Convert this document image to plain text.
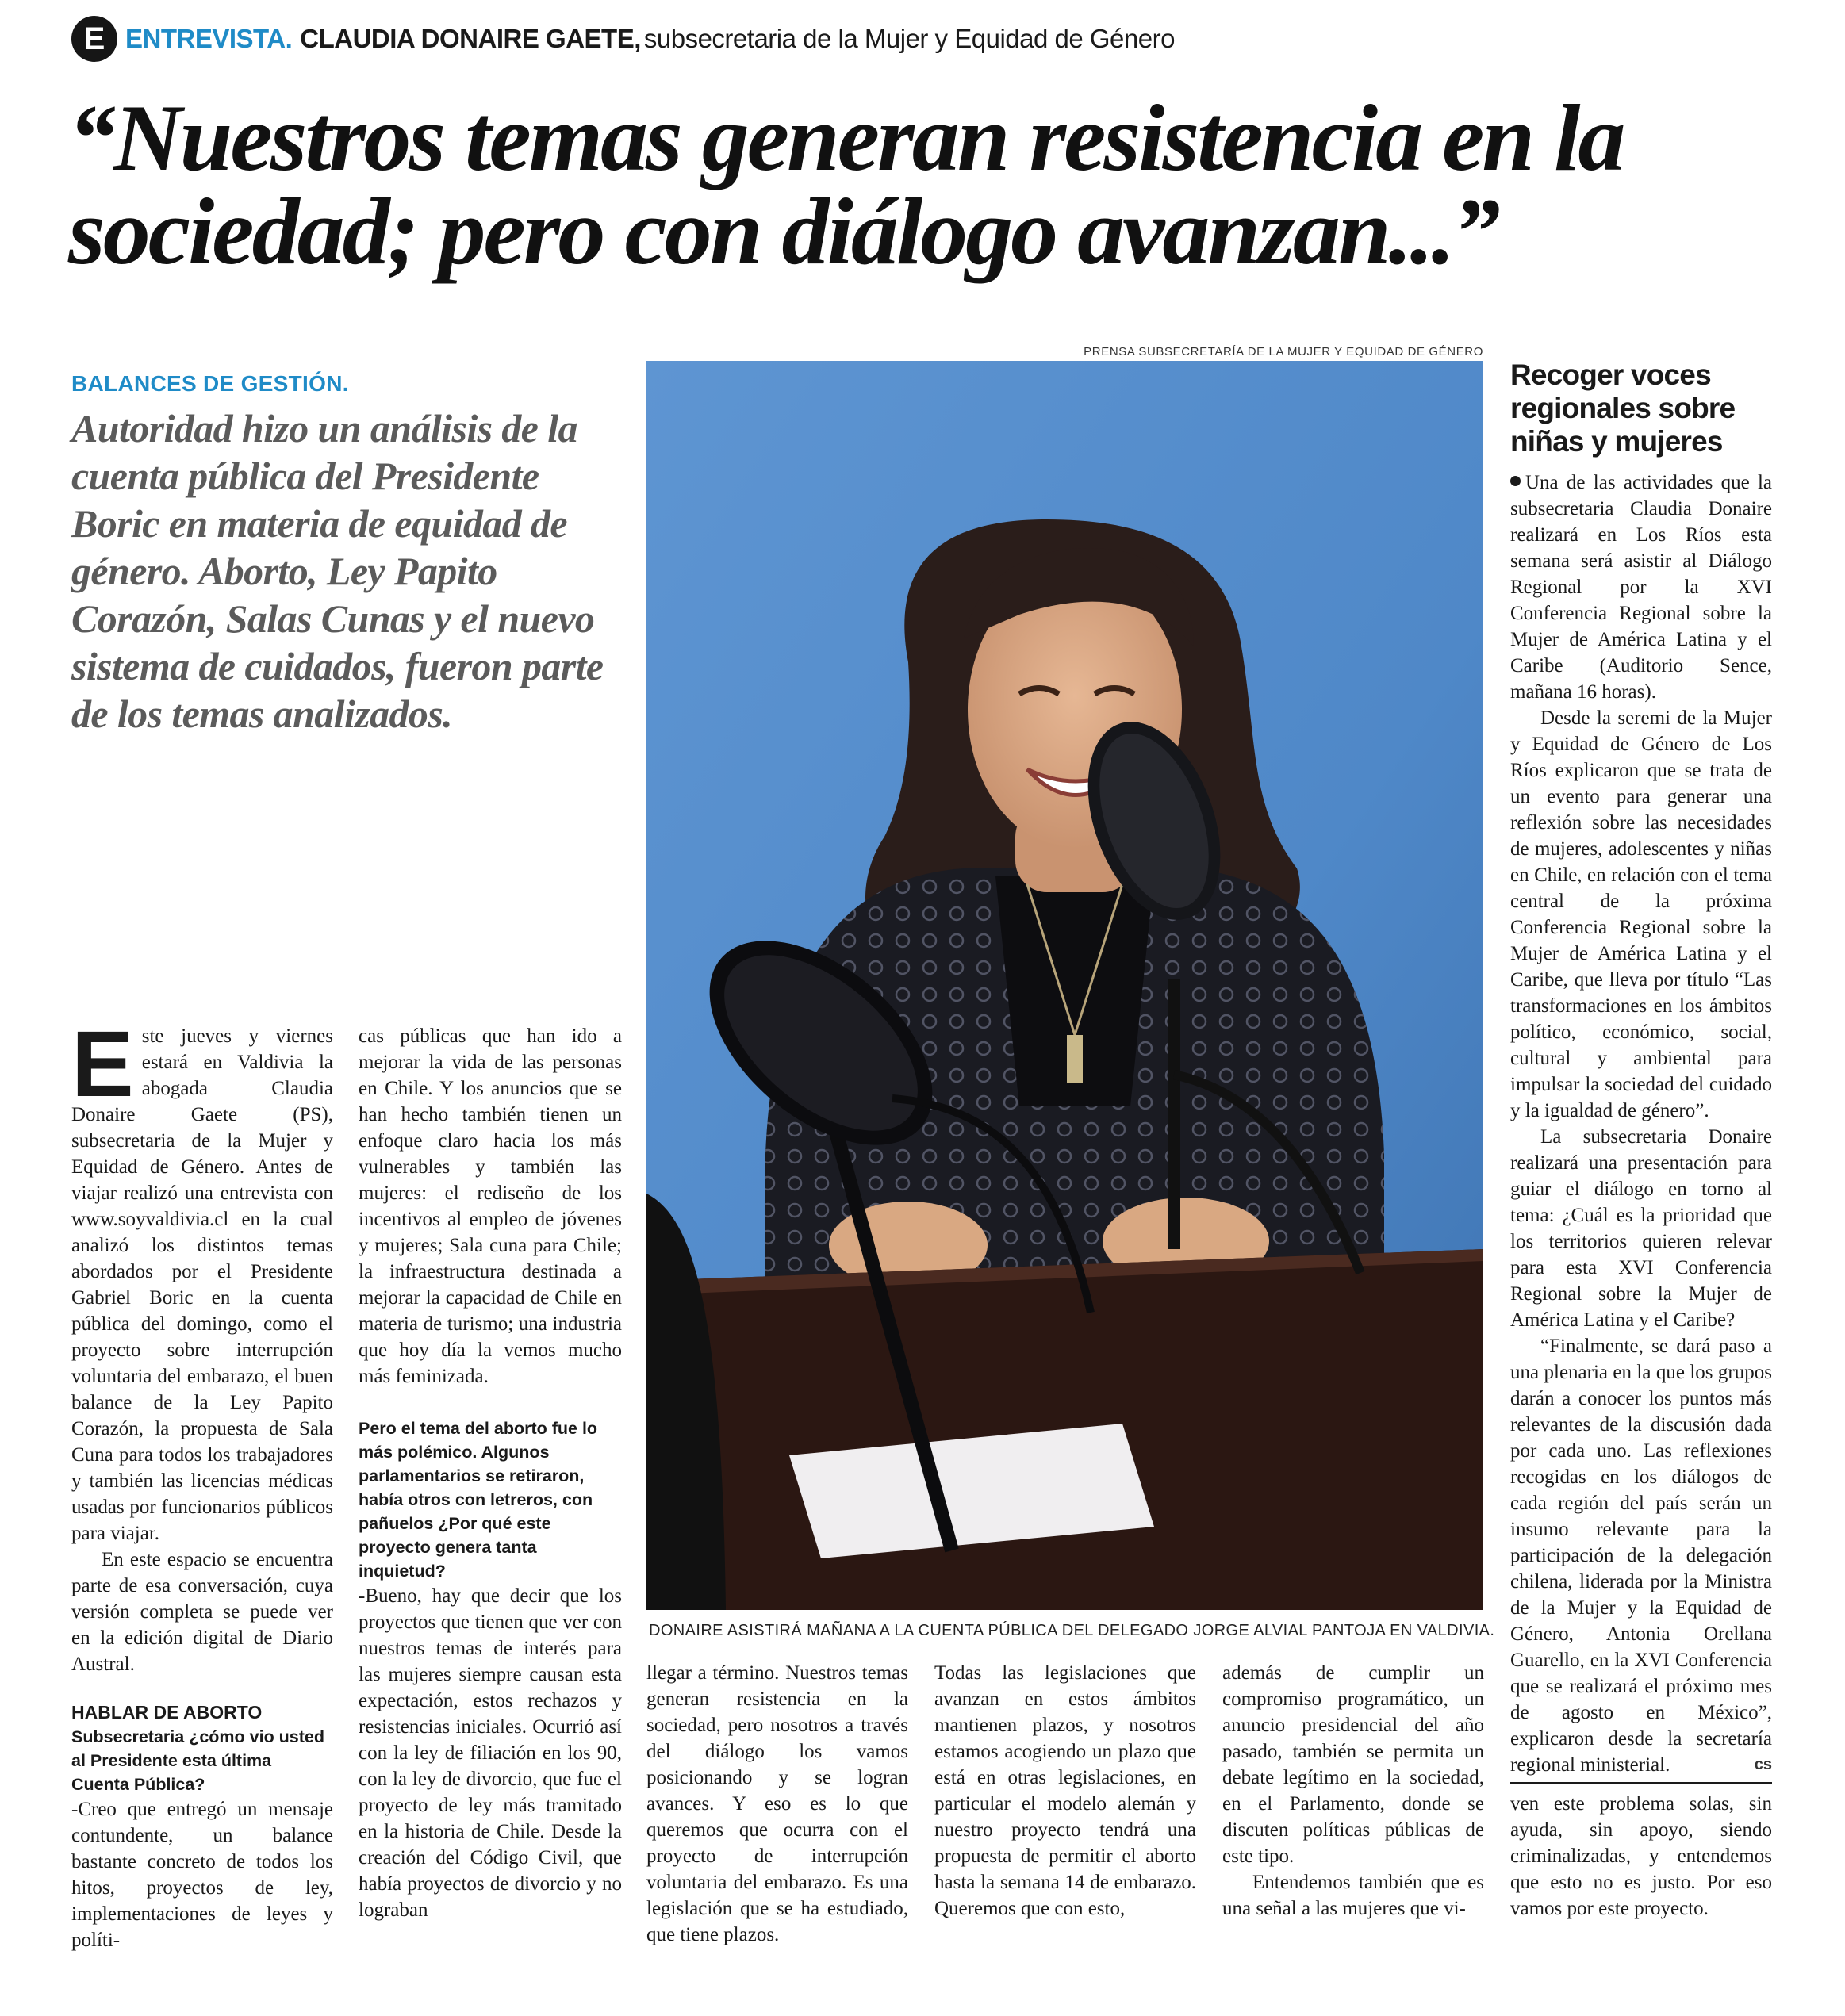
E ENTREVISTA. CLAUDIA DONAIRE GAETE, subsecretaria de la Mujer y Equidad de Género
“Nuestros temas generan resistencia en la sociedad; pero con diálogo avanzan...”
BALANCES DE GESTIÓN.
Autoridad hizo un análisis de la cuenta pública del Presidente Boric en materia de equidad de género. Aborto, Ley Papito Corazón, Salas Cunas y el nuevo sistema de cuidados, fueron parte de los temas analizados.
PRENSA SUBSECRETARÍA DE LA MUJER Y EQUIDAD DE GÉNERO
DONAIRE ASISTIRÁ MAÑANA A LA CUENTA PÚBLICA DEL DELEGADO JORGE ALVIAL PANTOJA EN VALDIVIA.

E ste jueves y viernes estará en Valdivia la abogada Claudia Donaire Gaete (PS), subsecretaria de la Mujer y Equidad de Género. Antes de viajar realizó una entrevista con www.soyvaldivia.cl en la cual analizó los distintos temas abordados por el Presidente Gabriel Boric en la cuenta pública del domingo, como el proyecto sobre interrupción voluntaria del embarazo, el buen balance de la Ley Papito Corazón, la propuesta de Sala Cuna para todos los trabajadores y también las licencias médicas usadas por funcionarios públicos para viajar.

En este espacio se encuentra parte de esa conversación, cuya versión completa se puede ver en la edición digital de Diario Austral.

HABLAR DE ABORTO

Subsecretaria ¿cómo vio usted al Presidente esta última Cuenta Pública?

-Creo que entregó un mensaje contundente, un balance bastante concreto de todos los hitos, proyectos de ley, implementaciones de leyes y políti-

cas públicas que han ido a mejorar la vida de las personas en Chile. Y los anuncios que se han hecho también tienen un enfoque claro hacia los más vulnerables y también las mujeres: el rediseño de los incentivos al empleo de jóvenes y mujeres; Sala cuna para Chile; la infraestructura destinada a mejorar la capacidad de Chile en materia de turismo; una industria que hoy día la vemos mucho más feminizada.

Pero el tema del aborto fue lo más polémico. Algunos parlamentarios se retiraron, había otros con letreros, con pañuelos ¿Por qué este proyecto genera tanta inquietud?

-Bueno, hay que decir que los proyectos que tienen que ver con nuestros temas de interés para las mujeres siempre causan esta expectación, estos rechazos y resistencias iniciales. Ocurrió así con la ley de filiación en los 90, con la ley de divorcio, que fue el proyecto de ley más tramitado en la historia de Chile. Desde la creación del Código Civil, que había proyectos de divorcio y no lograban

llegar a término. Nuestros temas generan resistencia en la sociedad, pero nosotros a través del diálogo los vamos posicionando y se logran avances. Y eso es lo que queremos que ocurra con el proyecto de interrupción voluntaria del embarazo. Es una legislación que se ha estudiado, que tiene plazos.

Todas las legislaciones que avanzan en estos ámbitos mantienen plazos, y nosotros estamos acogiendo un plazo que está en otras legislaciones, en particular el modelo alemán y nuestro proyecto tendrá una propuesta de permitir el aborto hasta la semana 14 de embarazo. Queremos que con esto,

además de cumplir un compromiso programático, un anuncio presidencial del año pasado, también se permita un debate legítimo en la sociedad, en el Parlamento, donde se discuten políticas públicas de este tipo.

Entendemos también que es una señal a las mujeres que vi-

Recoger voces regionales sobre niñas y mujeres

Una de las actividades que la subsecretaria Claudia Donaire realizará en Los Ríos esta semana será asistir al Diálogo Regional por la XVI Conferencia Regional sobre la Mujer de América Latina y el Caribe (Auditorio Sence, mañana 16 horas).

Desde la seremi de la Mujer y Equidad de Género de Los Ríos explicaron que se trata de un evento para generar una reflexión sobre las necesidades de mujeres, adolescentes y niñas en Chile, en relación con el tema central de la próxima Conferencia Regional sobre la Mujer de América Latina y el Caribe, que lleva por título “Las transformaciones en los ámbitos político, económico, social, cultural y ambiental para impulsar la sociedad del cuidado y la igualdad de género”.

La subsecretaria Donaire realizará una presentación para guiar el diálogo en torno al tema: ¿Cuál es la prioridad que los territorios quieren relevar para esta XVI Conferencia Regional sobre la Mujer de América Latina y el Caribe?

“Finalmente, se dará paso a una plenaria en la que los grupos darán a conocer los puntos más relevantes de la discusión dada por cada uno. Las reflexiones recogidas en los diálogos de cada región del país serán un insumo relevante para la participación de la delegación chilena, liderada por la Ministra de la Mujer y la Equidad de Género, Antonia Orellana Guarello, en la XVI Conferencia que se realizará el próximo mes de agosto en México”, explicaron desde la secretaría regional ministerial.	cs

ven este problema solas, sin ayuda, sin apoyo, siendo criminalizadas, y entendemos que esto no es justo. Por eso vamos por este proyecto.
